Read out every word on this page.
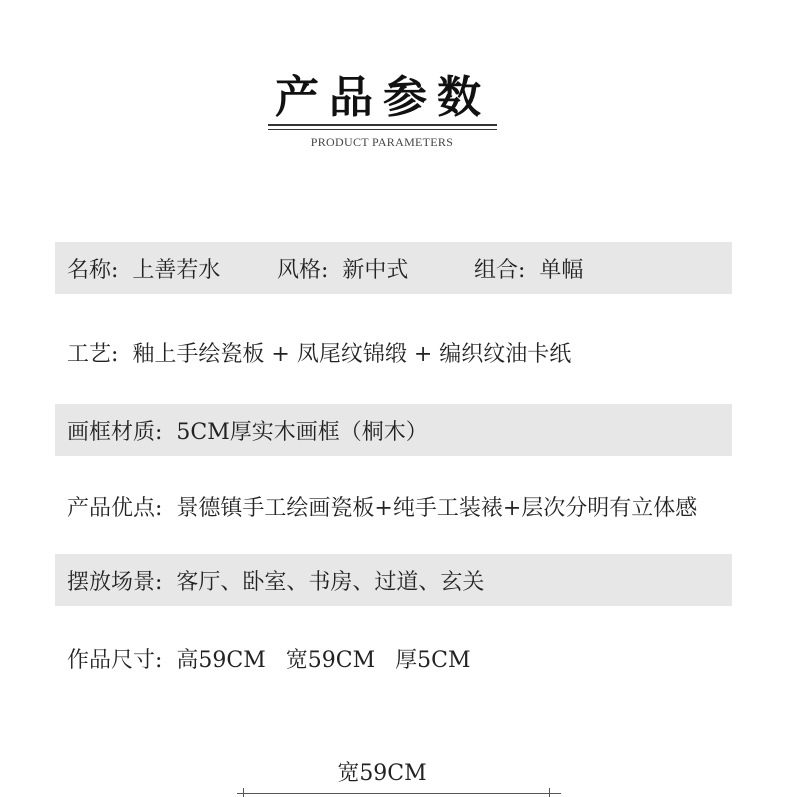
产品参数
PRODUCT PARAMETERS
名称: 上善若水	风格: 新中式	组合: 单幅
工艺: 釉上手绘瓷板 + 凤尾纹锦缎 + 编织纹油卡纸
画框材质: 5CM厚实木画框（桐木）
产品优点: 景德镇手工绘画瓷板+纯手工装裱+层次分明有立体感
摆放场景: 客厅、卧室、书房、过道、玄关
作品尺寸: 高59CM 宽59CM 厚5CM
宽59CM
